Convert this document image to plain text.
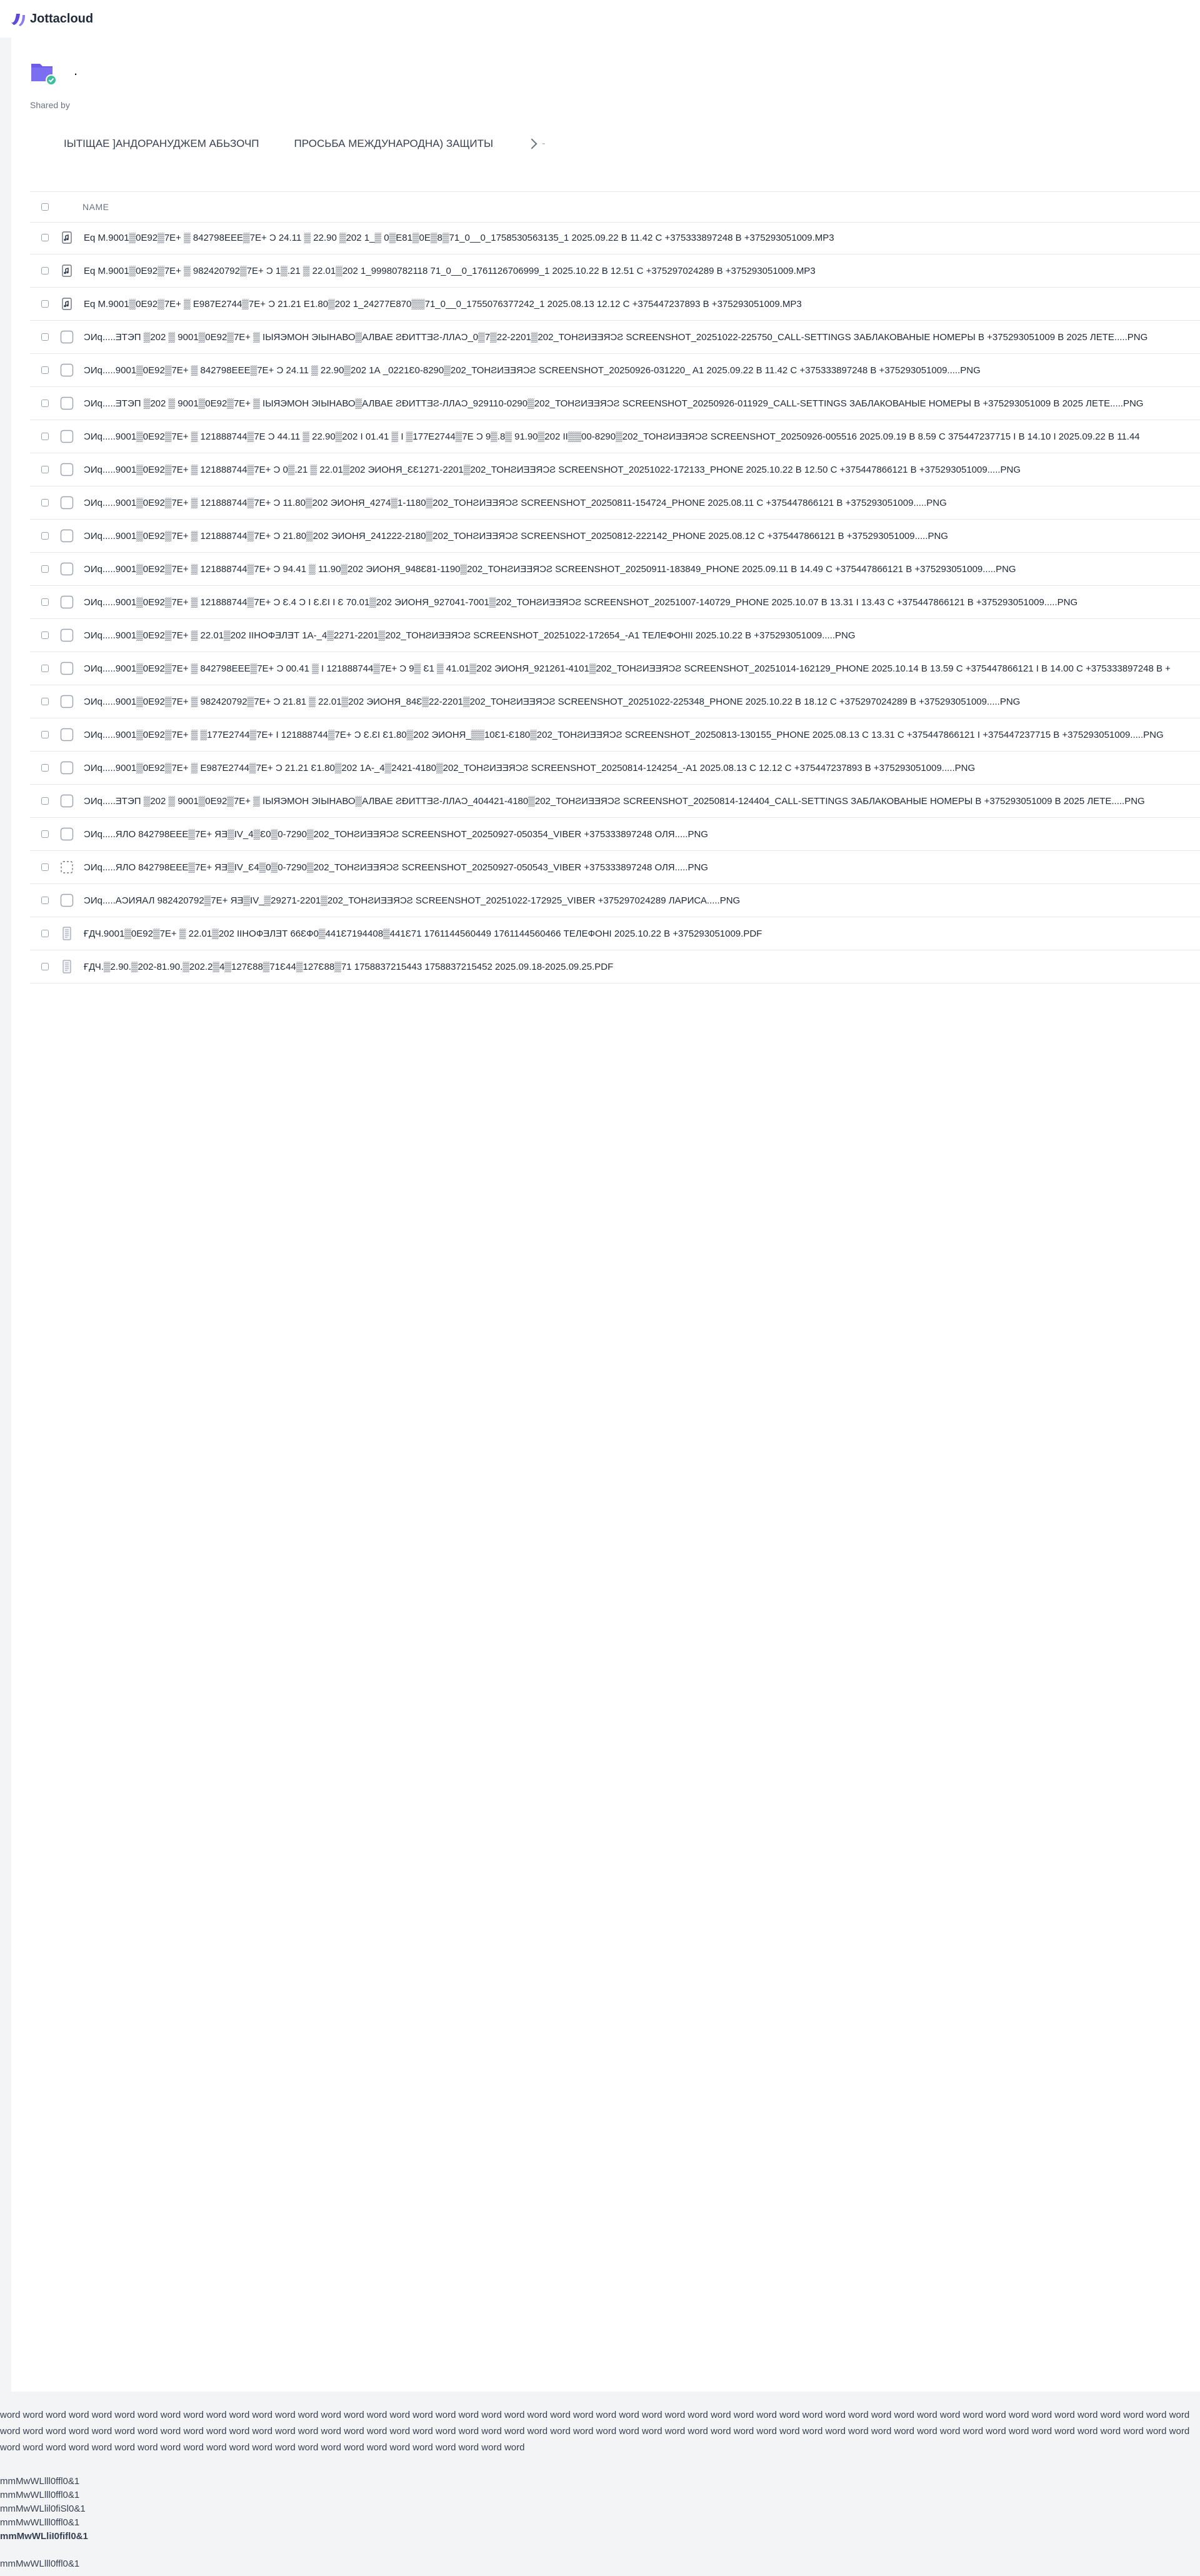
Jottacloud
.
Shared by
ІЫТІЩАЕ ]АНДОРАНУДЖЕМ АБЬЗОЧП	ПРОСЬБА МЕЖДУНАРОДНА) ЗАЩИТЫ	-
NAME
Eq M.9001▒0E92▒7E+ ▒ 842798EEE▒7E+ Ɔ 24.11 ▒ 22.90 ▒202 1_▒ 0▒E81▒0E▒8▒71_0__0_1758530563135_1 2025.09.22 В 11.42 С +375333897248 В +375293051009.MP3
Eq M.9001▒0E92▒7E+ ▒ 982420792▒7E+ Ɔ 1▒.21 ▒ 22.01▒202 1_99980782118 71_0__0_1761126706999_1 2025.10.22 В 12.51 С +375297024289 В +375293051009.MP3
Eq M.9001▒0E92▒7E+ ▒ E987E2744▒7E+ Ɔ 21.21 E1.80▒202 1_24277E870▒▒71_0__0_1755076377242_1 2025.08.13 12.12 С +375447237893 В +375293051009.MP3
ƆИq.....ƎТЭП ▒202 ▒ 9001▒0E92▒7E+ ▒ ІЫЯЭМОН ЭІЫНАВО▒АЛВАЕ ƧƉИТТƎƧ-ЛЛАƆ_0▒7▒22-2201▒202_ТОНƧИƎƎЯƆƧ SCREENSHOT_20251022-225750_CALL-SETTINGS ЗАБЛАКОВАНЫЕ НОМЕРЫ В +375293051009 В 2025 ЛЕТЕ.....PNG
ƆИq.....9001▒0E92▒7E+ ▒ 842798EEE▒7E+ Ɔ 24.11 ▒ 22.90▒202 1А _0221Ɛ0-8290▒202_ТОНƧИƎƎЯƆƧ SCREENSHOT_20250926-031220_ A1 2025.09.22 В 11.42 С +375333897248 В +375293051009.....PNG
ƆИq.....ƎТЭП ▒202 ▒ 9001▒0E92▒7E+ ▒ ІЫЯЭМОН ЭІЫНАВО▒АЛВАЕ ƧƉИТТƎƧ-ЛЛАƆ_929110-0290▒202_ТОНƧИƎƎЯƆƧ SCREENSHOT_20250926-011929_CALL-SETTINGS ЗАБЛАКОВАНЫЕ НОМЕРЫ В +375293051009 В 2025 ЛЕТЕ.....PNG
ƆИq.....9001▒0E92▒7E+ ▒ 121888744▒7E Ɔ 44.11 ▒ 22.90▒202 І 01.41 ▒ І ▒177E2744▒7E Ɔ 9▒.8▒ 91.90▒202 ІІ▒▒00-8290▒202_ТОНƧИƎƎЯƆƧ SCREENSHOT_20250926-005516 2025.09.19 В 8.59 С 375447237715 І В 14.10 І 2025.09.22 В 11.44
ƆИq.....9001▒0E92▒7E+ ▒ 121888744▒7E+ Ɔ 0▒.21 ▒ 22.01▒202 ЭИОНЯ_ƐƐ1271-2201▒202_ТОНƧИƎƎЯƆƧ SCREENSHOT_20251022-172133_PHONE 2025.10.22 В 12.50 С +375447866121 В +375293051009.....PNG
ƆИq.....9001▒0E92▒7E+ ▒ 121888744▒7E+ Ɔ 11.80▒202 ЭИОНЯ_4274▒1-1180▒202_ТОНƧИƎƎЯƆƧ SCREENSHOT_20250811-154724_PHONE 2025.08.11 С +375447866121 В +375293051009.....PNG
ƆИq.....9001▒0E92▒7E+ ▒ 121888744▒7E+ Ɔ 21.80▒202 ЭИОНЯ_241222-2180▒202_ТОНƧИƎƎЯƆƧ SCREENSHOT_20250812-222142_PHONE 2025.08.12 С +375447866121 В +375293051009.....PNG
ƆИq.....9001▒0E92▒7E+ ▒ 121888744▒7E+ Ɔ 94.41 ▒ 11.90▒202 ЭИОНЯ_948Ɛ81-1190▒202_ТОНƧИƎƎЯƆƧ SCREENSHOT_20250911-183849_PHONE 2025.09.11 В 14.49 С +375447866121 В +375293051009.....PNG
ƆИq.....9001▒0E92▒7E+ ▒ 121888744▒7E+ Ɔ Ɛ.4 Ɔ І Ɛ.ƐІ І Ɛ 70.01▒202 ЭИОНЯ_927041-7001▒202_ТОНƧИƎƎЯƆƧ SCREENSHOT_20251007-140729_PHONE 2025.10.07 В 13.31 І 13.43 С +375447866121 В +375293051009.....PNG
ƆИq.....9001▒0E92▒7E+ ▒ 22.01▒202 ІІНОФƎЛƎТ 1А-_4▒2271-2201▒202_ТОНƧИƎƎЯƆƧ SCREENSHOT_20251022-172654_-A1 ТЕЛЕФОНІІ 2025.10.22 В +375293051009.....PNG
ƆИq.....9001▒0E92▒7E+ ▒ 842798EEE▒7E+ Ɔ 00.41 ▒ І 121888744▒7E+ Ɔ 9▒ Ɛ1 ▒ 41.01▒202 ЭИОНЯ_921261-4101▒202_ТОНƧИƎƎЯƆƧ SCREENSHOT_20251014-162129_PHONE 2025.10.14 В 13.59 С +375447866121 І В 14.00 С +375333897248 В +
ƆИq.....9001▒0E92▒7E+ ▒ 982420792▒7E+ Ɔ 21.81 ▒ 22.01▒202 ЭИОНЯ_84Ɛ▒22-2201▒202_ТОНƧИƎƎЯƆƧ SCREENSHOT_20251022-225348_PHONE 2025.10.22 В 18.12 С +375297024289 В +375293051009.....PNG
ƆИq.....9001▒0E92▒7E+ ▒ ▒177E2744▒7E+ І 121888744▒7E+ Ɔ Ɛ.ƐІ Ɛ1.80▒202 ЭИОНЯ_▒▒10Ɛ1-Ɛ180▒202_ТОНƧИƎƎЯƆƧ SCREENSHOT_20250813-130155_PHONE 2025.08.13 С 13.31 С +375447866121 І +375447237715 В +375293051009.....PNG
ƆИq.....9001▒0E92▒7E+ ▒ E987E2744▒7E+ Ɔ 21.21 Ɛ1.80▒202 1А-_4▒2421-4180▒202_ТОНƧИƎƎЯƆƧ SCREENSHOT_20250814-124254_-A1 2025.08.13 С 12.12 С +375447237893 В +375293051009.....PNG
ƆИq.....ƎТЭП ▒202 ▒ 9001▒0E92▒7E+ ▒ ІЫЯЭМОН ЭІЫНАВО▒АЛВАЕ ƧƉИТТƎƧ-ЛЛАƆ_404421-4180▒202_ТОНƧИƎƎЯƆƧ SCREENSHOT_20250814-124404_CALL-SETTINGS ЗАБЛАКОВАНЫЕ НОМЕРЫ В +375293051009 В 2025 ЛЕТЕ.....PNG
ƆИq.....ЯЛО 842798EEE▒7E+ ЯƎ▒IV_4▒Ɛ0▒0-7290▒202_ТОНƧИƎƎЯƆƧ SCREENSHOT_20250927-050354_VIBER +375333897248 ОЛЯ.....PNG
ƆИq.....ЯЛО 842798EEE▒7E+ ЯƎ▒IV_Ɛ4▒0▒0-7290▒202_ТОНƧИƎƎЯƆƧ SCREENSHOT_20250927-050543_VIBER +375333897248 ОЛЯ.....PNG
ƆИq.....АƆИЯАЛ 982420792▒7E+ ЯƎ▒IV_▒29271-2201▒202_ТОНƧИƎƎЯƆƧ SCREENSHOT_20251022-172925_VIBER +375297024289 ЛАРИСА.....PNG
ҒДЧ.9001▒0E92▒7E+ ▒ 22.01▒202 ІІНОФƎЛƎТ 66ƐФ0▒441Ɛ7194408▒441Ɛ71 1761144560449 1761144560466 ТЕЛЕФОНІ 2025.10.22 В +375293051009.PDF
ҒДЧ.▒2.90.▒202-81.90.▒202.2▒4▒127Ɛ88▒71Ɛ44▒127Ɛ88▒71 1758837215443 1758837215452 2025.09.18-2025.09.25.PDF

word word word word word word word word word word word word word word word word word word word word word word word word word word word word word word word word word word word word word word word word word word word word word word word word word word word word word word word word word word word word word word word word word word word word word word word word word word word word word word word word word word word word word word word word word word word word word word word word word word word word word word word word word word word word word word word word word word word word word word word word word word word word word word word

mmMwWLlll0ffl0&1
mmMwWLlll0ffl0&1
mmMwWLlil0fiSl0&1
mmMwWLlll0ffl0&1
mmMwWLliI0fifl0&1
mmMwWLlll0ffl0&1
